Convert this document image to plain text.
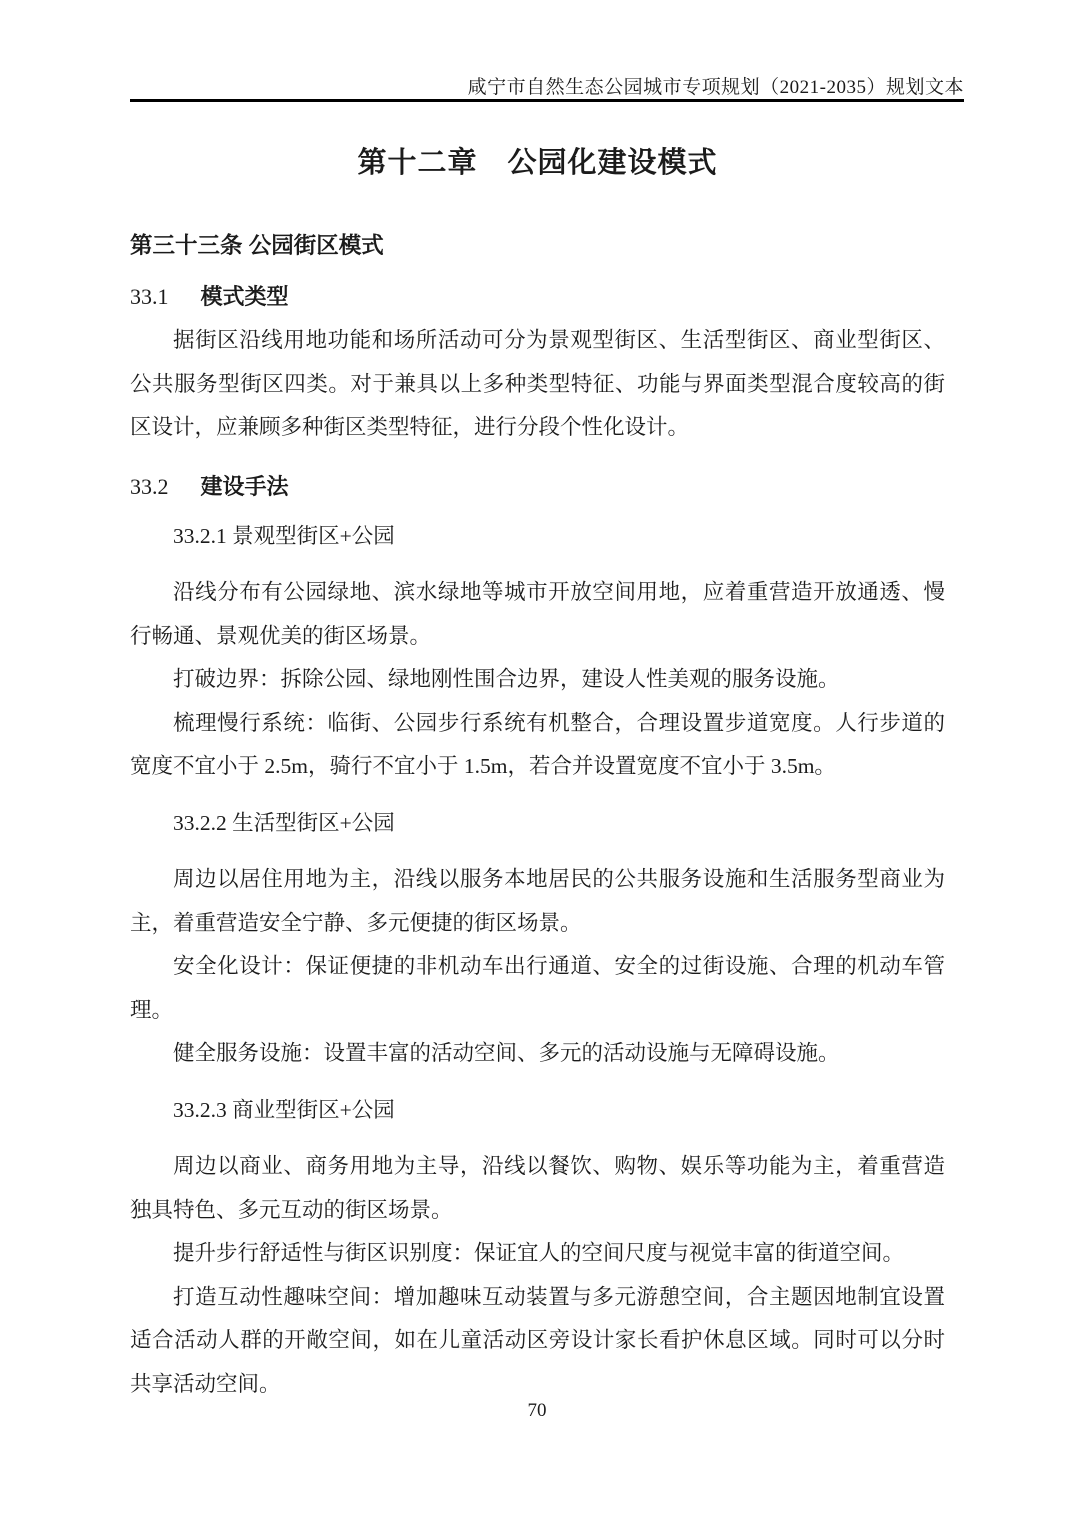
咸宁市自然生态公园城市专项规划（2021-2035）规划文本
第十二章　公园化建设模式
第三十三条 公园街区模式
33.1 模式类型

据街区沿线用地功能和场所活动可分为景观型街区、生活型街区、商业型街区、公共服务型街区四类。对于兼具以上多种类型特征、功能与界面类型混合度较高的街区设计，应兼顾多种街区类型特征，进行分段个性化设计。

33.2 建设手法
33.2.1 景观型街区+公园

沿线分布有公园绿地、滨水绿地等城市开放空间用地，应着重营造开放通透、慢行畅通、景观优美的街区场景。

打破边界：拆除公园、绿地刚性围合边界，建设人性美观的服务设施。

梳理慢行系统：临街、公园步行系统有机整合，合理设置步道宽度。人行步道的宽度不宜小于 2.5m，骑行不宜小于 1.5m，若合并设置宽度不宜小于 3.5m。

33.2.2 生活型街区+公园

周边以居住用地为主，沿线以服务本地居民的公共服务设施和生活服务型商业为主，着重营造安全宁静、多元便捷的街区场景。

安全化设计：保证便捷的非机动车出行通道、安全的过街设施、合理的机动车管理。

健全服务设施：设置丰富的活动空间、多元的活动设施与无障碍设施。

33.2.3 商业型街区+公园

周边以商业、商务用地为主导，沿线以餐饮、购物、娱乐等功能为主，着重营造独具特色、多元互动的街区场景。

提升步行舒适性与街区识别度：保证宜人的空间尺度与视觉丰富的街道空间。

打造互动性趣味空间：增加趣味互动装置与多元游憩空间，合主题因地制宜设置适合活动人群的开敞空间，如在儿童活动区旁设计家长看护休息区域。同时可以分时共享活动空间。

70
